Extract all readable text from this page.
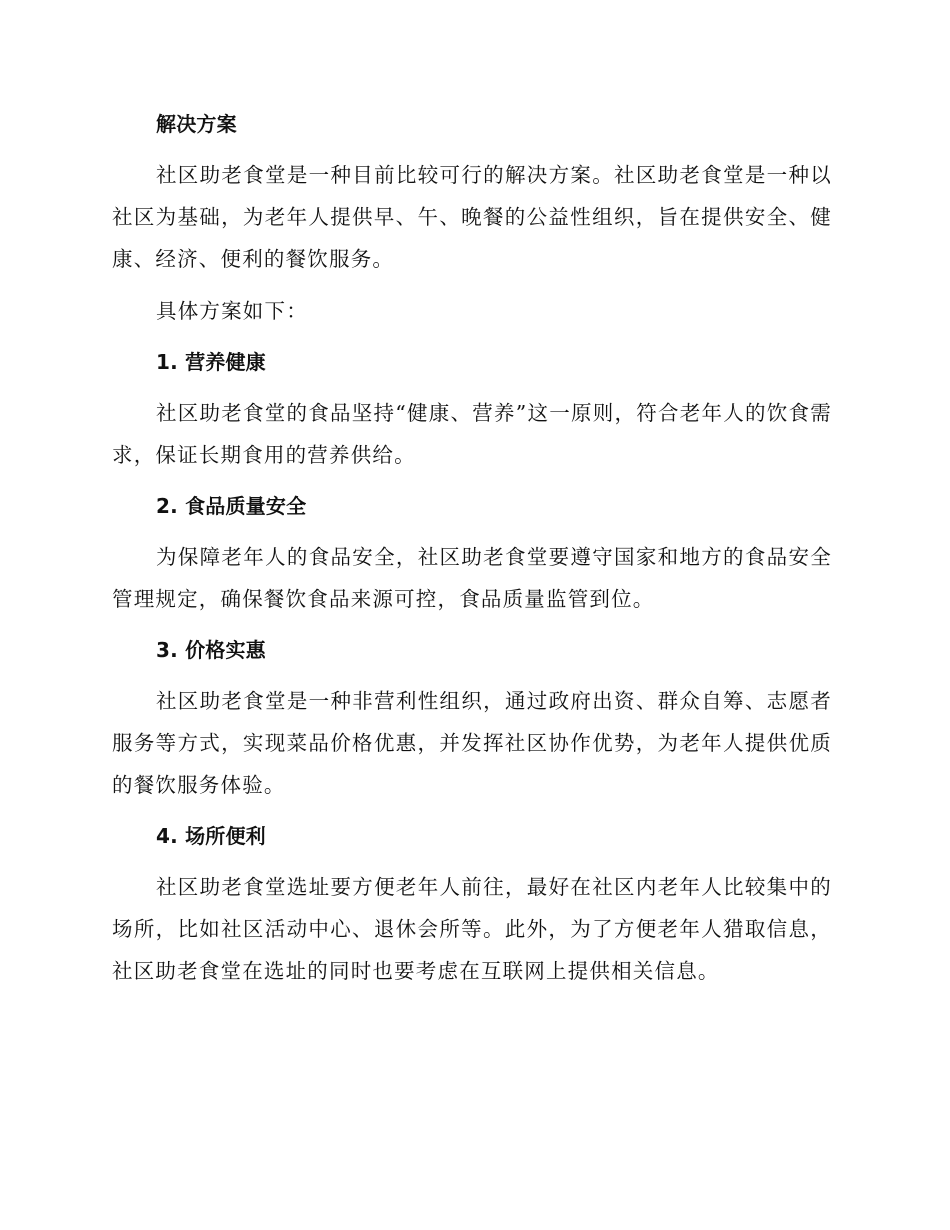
解决方案
社区助老食堂是一种目前比较可行的解决方案。社区助老食堂是一种以社区为基础，为老年人提供早、午、晚餐的公益性组织，旨在提供安全、健康、经济、便利的餐饮服务。
具体方案如下：
1. 营养健康
社区助老食堂的食品坚持“健康、营养”这一原则，符合老年人的饮食需求，保证长期食用的营养供给。
2. 食品质量安全
为保障老年人的食品安全，社区助老食堂要遵守国家和地方的食品安全管理规定，确保餐饮食品来源可控，食品质量监管到位。
3. 价格实惠
社区助老食堂是一种非营利性组织，通过政府出资、群众自筹、志愿者服务等方式，实现菜品价格优惠，并发挥社区协作优势，为老年人提供优质的餐饮服务体验。
4. 场所便利
社区助老食堂选址要方便老年人前往，最好在社区内老年人比较集中的场所，比如社区活动中心、退休会所等。此外，为了方便老年人猎取信息，社区助老食堂在选址的同时也要考虑在互联网上提供相关信息。
